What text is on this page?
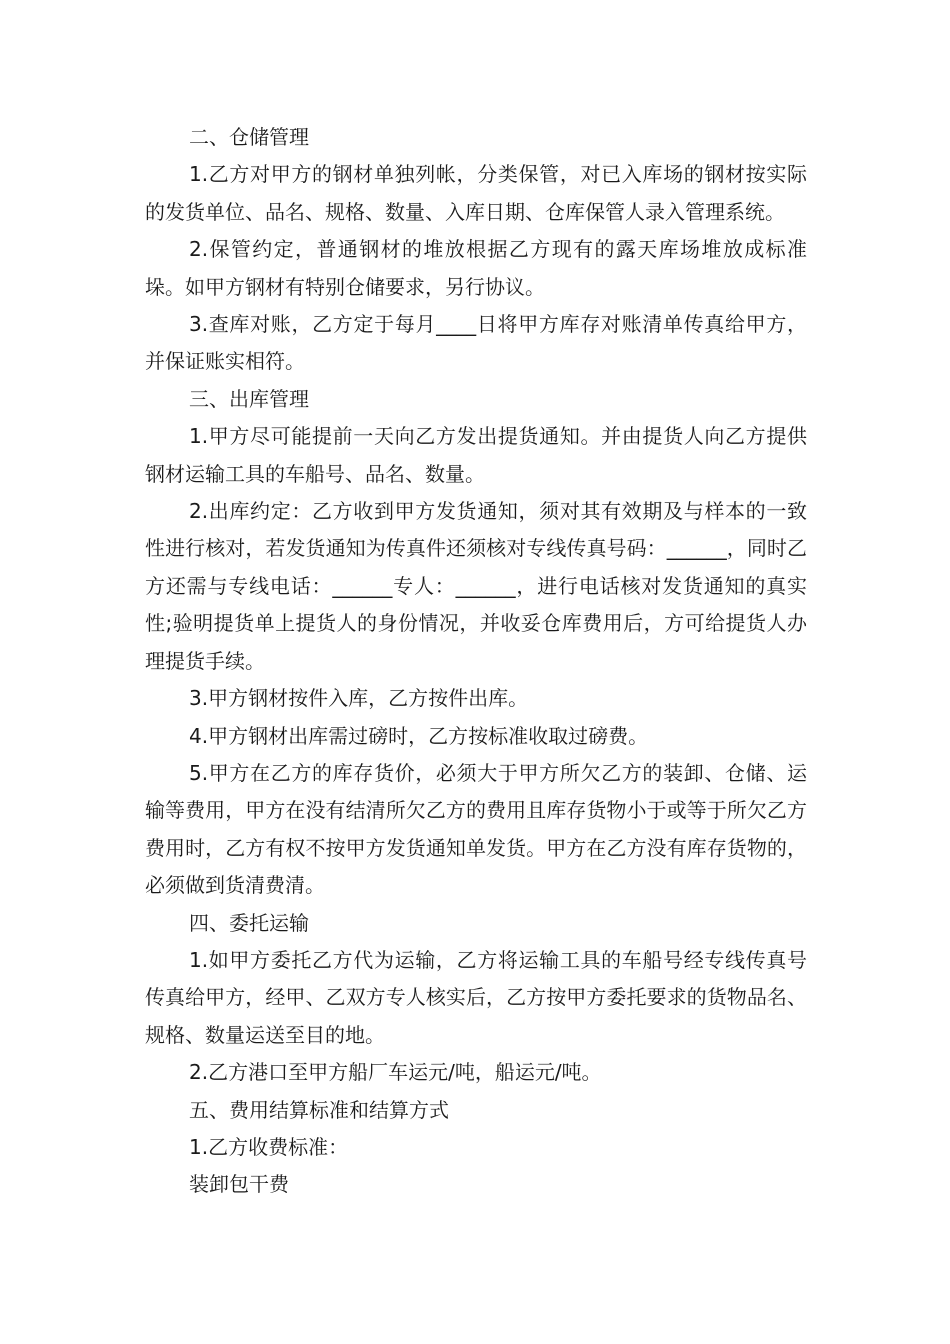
二、仓储管理

1.乙方对甲方的钢材单独列帐，分类保管，对已入库场的钢材按实际的发货单位、品名、规格、数量、入库日期、仓库保管人录入管理系统。

2.保管约定，普通钢材的堆放根据乙方现有的露天库场堆放成标准垛。如甲方钢材有特别仓储要求，另行协议。

3.查库对账，乙方定于每月____日将甲方库存对账清单传真给甲方，并保证账实相符。

三、出库管理

1.甲方尽可能提前一天向乙方发出提货通知。并由提货人向乙方提供钢材运输工具的车船号、品名、数量。

2.出库约定：乙方收到甲方发货通知，须对其有效期及与样本的一致性进行核对，若发货通知为传真件还须核对专线传真号码：______，同时乙方还需与专线电话：______专人：______，进行电话核对发货通知的真实性;验明提货单上提货人的身份情况，并收妥仓库费用后，方可给提货人办理提货手续。

3.甲方钢材按件入库，乙方按件出库。

4.甲方钢材出库需过磅时，乙方按标准收取过磅费。

5.甲方在乙方的库存货价，必须大于甲方所欠乙方的装卸、仓储、运输等费用，甲方在没有结清所欠乙方的费用且库存货物小于或等于所欠乙方费用时，乙方有权不按甲方发货通知单发货。甲方在乙方没有库存货物的，必须做到货清费清。

四、委托运输

1.如甲方委托乙方代为运输，乙方将运输工具的车船号经专线传真号传真给甲方，经甲、乙双方专人核实后，乙方按甲方委托要求的货物品名、规格、数量运送至目的地。

2.乙方港口至甲方船厂车运元/吨，船运元/吨。

五、费用结算标准和结算方式

1.乙方收费标准：

装卸包干费
